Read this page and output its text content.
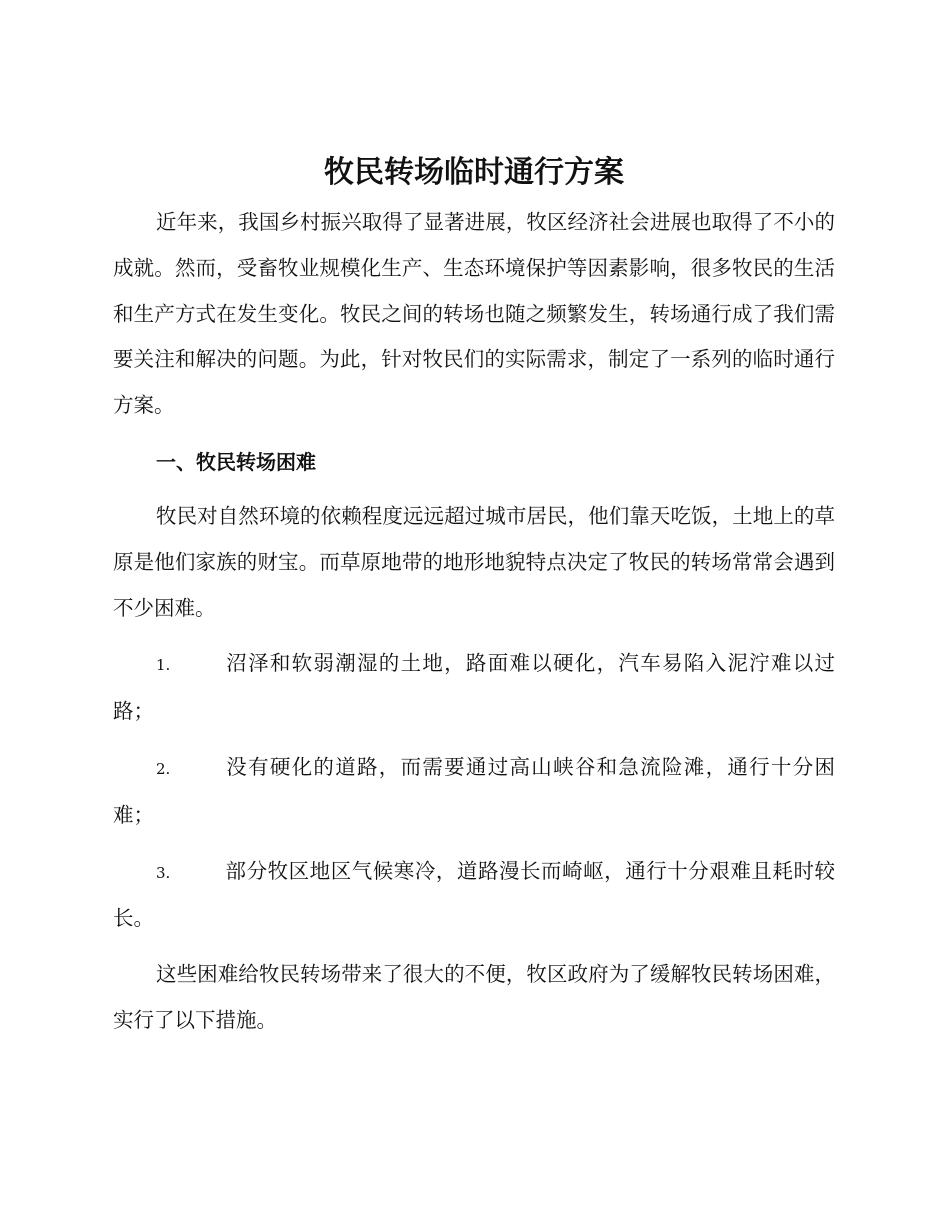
牧民转场临时通行方案

近年来，我国乡村振兴取得了显著进展，牧区经济社会进展也取得了不小的成就。然而，受畜牧业规模化生产、生态环境保护等因素影响，很多牧民的生活和生产方式在发生变化。牧民之间的转场也随之频繁发生，转场通行成了我们需要关注和解决的问题。为此，针对牧民们的实际需求，制定了一系列的临时通行方案。

一、牧民转场困难

牧民对自然环境的依赖程度远远超过城市居民，他们靠天吃饭，土地上的草原是他们家族的财宝。而草原地带的地形地貌特点决定了牧民的转场常常会遇到不少困难。

1.	沼泽和软弱潮湿的土地，路面难以硬化，汽车易陷入泥泞难以过路；

2.	没有硬化的道路，而需要通过高山峡谷和急流险滩，通行十分困难；

3.	部分牧区地区气候寒冷，道路漫长而崎岖，通行十分艰难且耗时较长。

这些困难给牧民转场带来了很大的不便，牧区政府为了缓解牧民转场困难，实行了以下措施。
